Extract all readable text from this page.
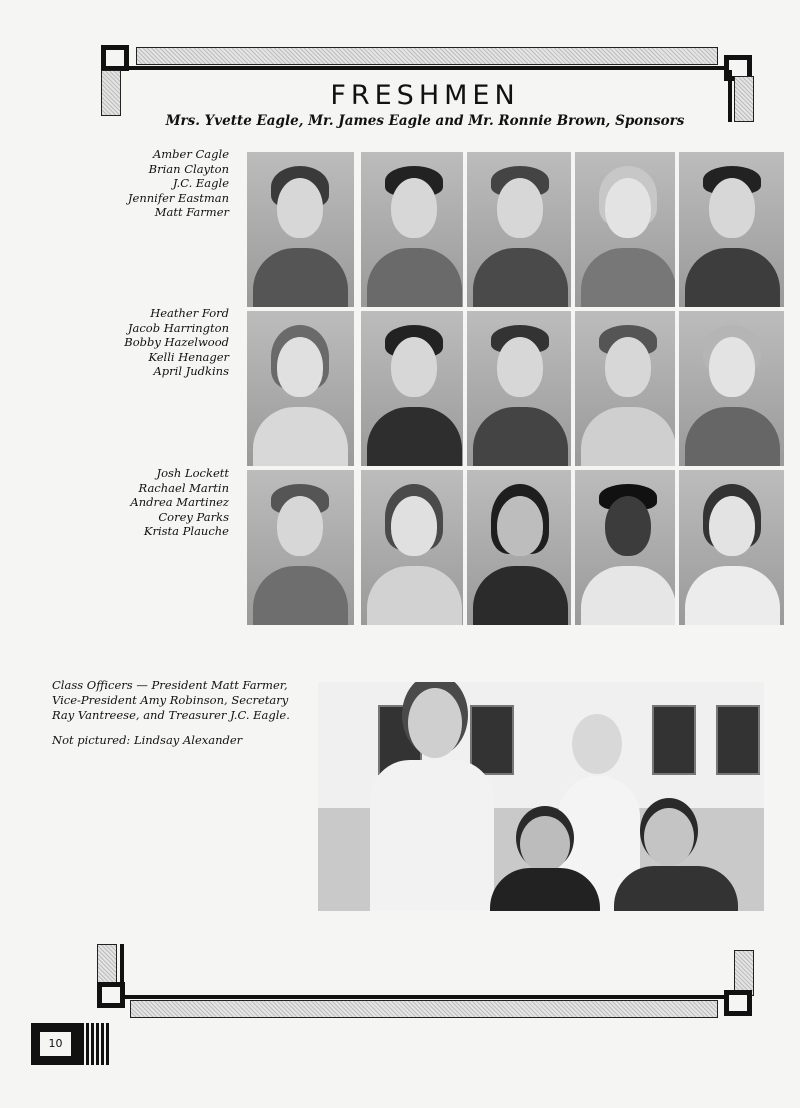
FRESHMEN
Mrs. Yvette Eagle, Mr. James Eagle and Mr. Ronnie Brown, Sponsors
Amber Cagle
Brian Clayton
J.C. Eagle
Jennifer Eastman
Matt Farmer
Heather Ford
Jacob Harrington
Bobby Hazelwood
Kelli Henager
April Judkins
Josh Lockett
Rachael Martin
Andrea Martinez
Corey Parks
Krista Plauche

Class Officers — President Matt Farmer, Vice-President Amy Robinson, Secretary Ray Vantreese, and Treasurer J.C. Eagle.

Not pictured: Lindsay Alexander

10
